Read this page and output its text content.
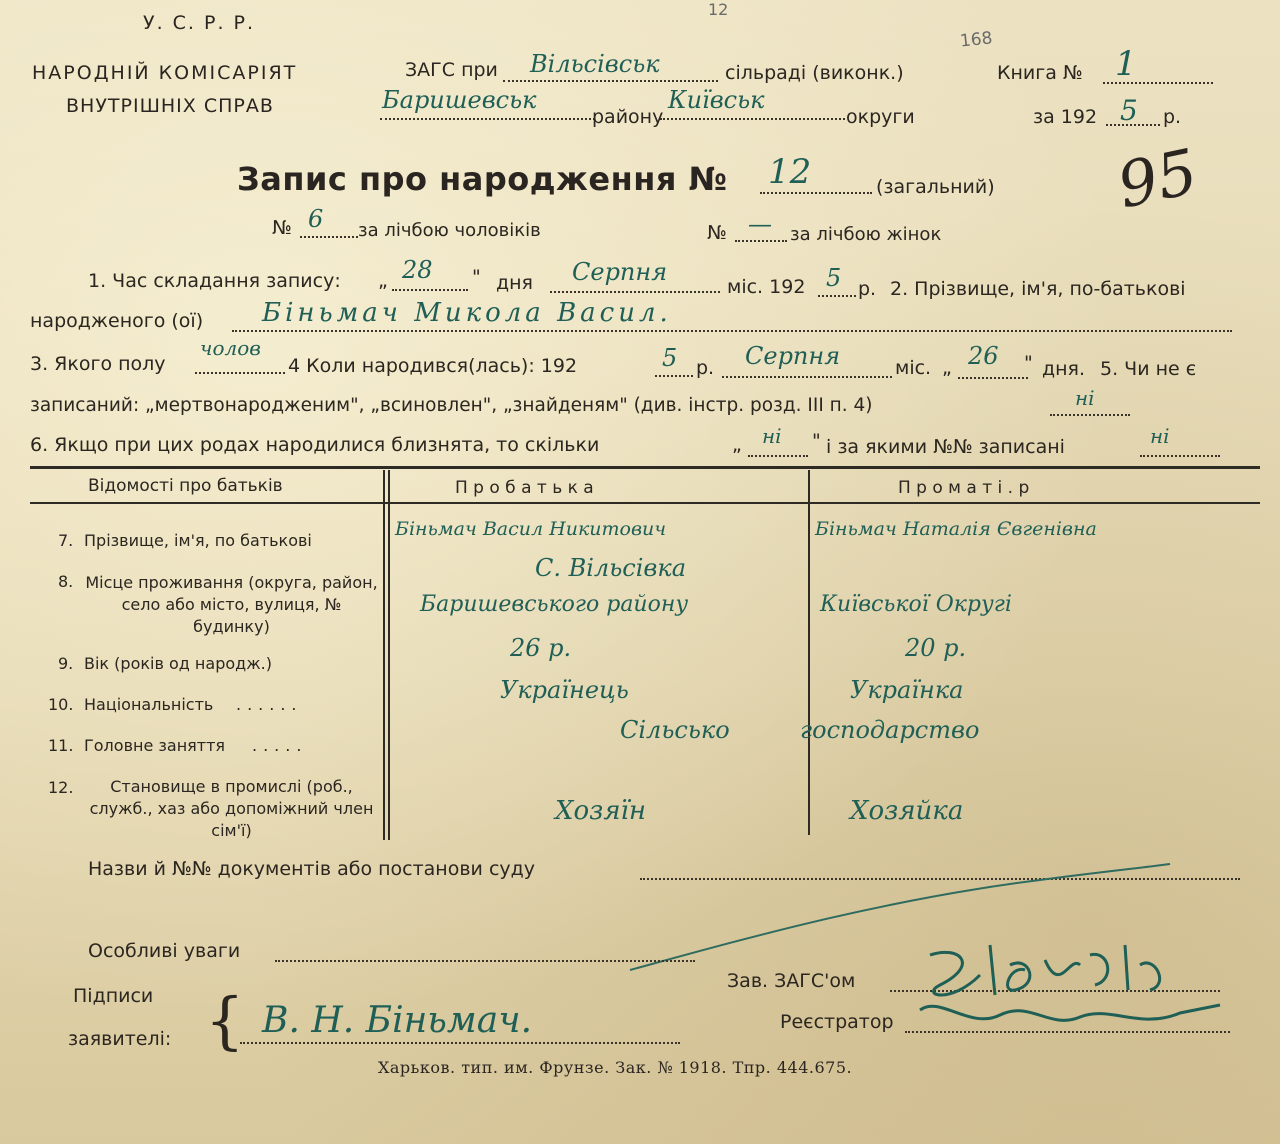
У. С. Р. Р.
НАРОДНІЙ КОМІСАРІЯТ
ВНУТРІШНІХ СПРАВ
ЗАГС при Вільсівськ	сільраді (виконк.)
Баришевськ
району
Київськ
округи
Книга № 1
за 192 5 р.
168
12
Запис про народження № 12	(загальний) 95
№ 6 за лічбою чоловіків	№ — за лічбою жінок
1. Час складання запису: „ 28 " дня Серпня
міс. 192 5 р. 2. Прізвище, ім'я, по-батькові
народженого (ої) Біньмач Микола Васил.
3. Якого полу
чолов
4 Коли народився(лась): 192	5 р. Серпня	міс. „ 26 " дня. 5. Чи не є
записаний: „мертвонародженим", „всиновлен", „знайденям" (див. інстр. розд. III п. 4)	ні
6. Якщо при цих родах народилися близнята, то скільки	„ ні " і за якими №№ записані	ні
Відомості про батьків	П р о б а т ь к а	П р о м а т і . р
7. Прізвище, ім'я, по батькові
Біньмач Васил Никитович	Біньмач Наталія Євгенівна
8. Місце проживання (округа, район, село або місто, вулиця, № будинку)
С. Вільсівка
Баришевського району	Київської Округі
9. Вік (років од народж.)
26 р.	20 р.
10. Національність ......
Українець	Українка
11. Головне заняття .....
Сільсько	господарство
12.	Становище в промислі (роб., служб., хаз або допоміжний член сім'ї)
Хозяїн	Хозяйка
Назви й №№ документів або постанови суду
Особливі уваги
Підписи
заявителі: { В. Н. Біньмач.
Зав. ЗАГС'ом
Реєстратор
Харьков. тип. им. Фрунзе. Зак. № 1918. Тпр. 444.675.
